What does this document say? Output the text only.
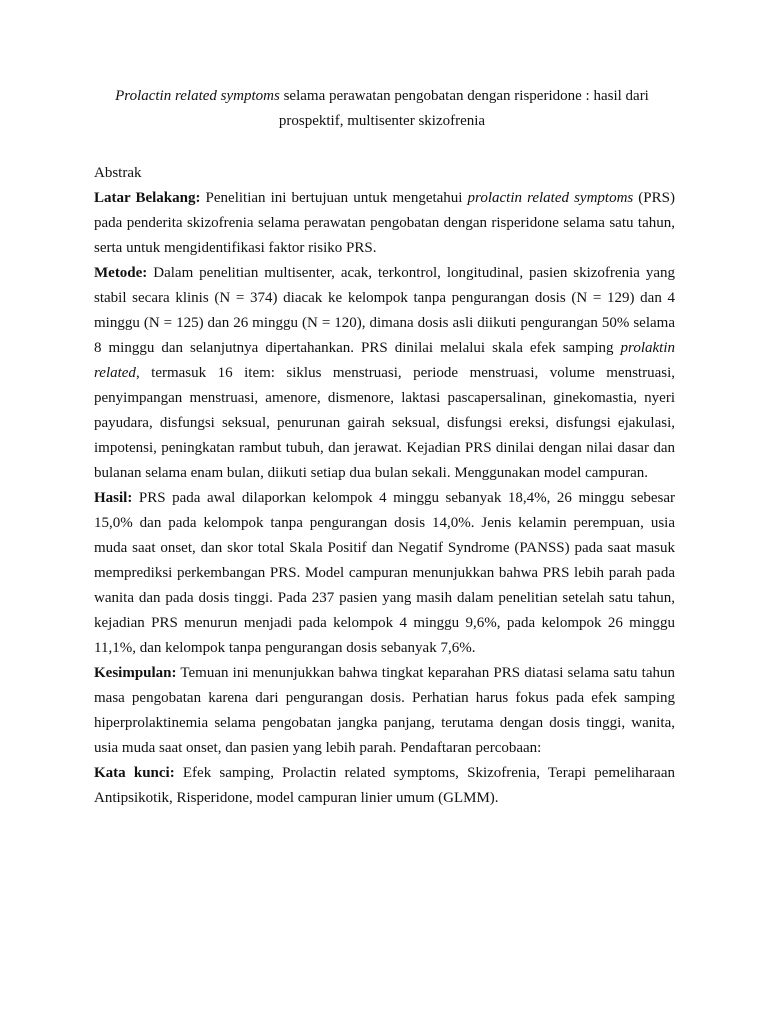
Prolactin related symptoms selama perawatan pengobatan dengan risperidone : hasil dari prospektif, multisenter skizofrenia

Abstrak

Latar Belakang: Penelitian ini bertujuan untuk mengetahui prolactin related symptoms (PRS) pada penderita skizofrenia selama perawatan pengobatan dengan risperidone selama satu tahun, serta untuk mengidentifikasi faktor risiko PRS.

Metode: Dalam penelitian multisenter, acak, terkontrol, longitudinal, pasien skizofrenia yang stabil secara klinis (N = 374) diacak ke kelompok tanpa pengurangan dosis (N = 129) dan 4 minggu (N = 125) dan 26 minggu (N = 120), dimana dosis asli diikuti pengurangan 50% selama 8 minggu dan selanjutnya dipertahankan. PRS dinilai melalui skala efek samping prolaktin related, termasuk 16 item: siklus menstruasi, periode menstruasi, volume menstruasi, penyimpangan menstruasi, amenore, dismenore, laktasi pascapersalinan, ginekomastia, nyeri payudara, disfungsi seksual, penurunan gairah seksual, disfungsi ereksi, disfungsi ejakulasi, impotensi, peningkatan rambut tubuh, dan jerawat. Kejadian PRS dinilai dengan nilai dasar dan bulanan selama enam bulan, diikuti setiap dua bulan sekali. Menggunakan model campuran.

Hasil: PRS pada awal dilaporkan kelompok 4 minggu sebanyak 18,4%, 26 minggu sebesar 15,0% dan pada kelompok tanpa pengurangan dosis 14,0%. Jenis kelamin perempuan, usia muda saat onset, dan skor total Skala Positif dan Negatif Syndrome (PANSS) pada saat masuk memprediksi perkembangan PRS. Model campuran menunjukkan bahwa PRS lebih parah pada wanita dan pada dosis tinggi. Pada 237 pasien yang masih dalam penelitian setelah satu tahun, kejadian PRS menurun menjadi pada kelompok 4 minggu 9,6%, pada kelompok 26 minggu 11,1%, dan kelompok tanpa pengurangan dosis sebanyak 7,6%.

Kesimpulan: Temuan ini menunjukkan bahwa tingkat keparahan PRS diatasi selama satu tahun masa pengobatan karena dari pengurangan dosis. Perhatian harus fokus pada efek samping hiperprolaktinemia selama pengobatan jangka panjang, terutama dengan dosis tinggi, wanita, usia muda saat onset, dan pasien yang lebih parah. Pendaftaran percobaan:

Kata kunci: Efek samping, Prolactin related symptoms, Skizofrenia, Terapi pemeliharaan Antipsikotik, Risperidone, model campuran linier umum (GLMM).
